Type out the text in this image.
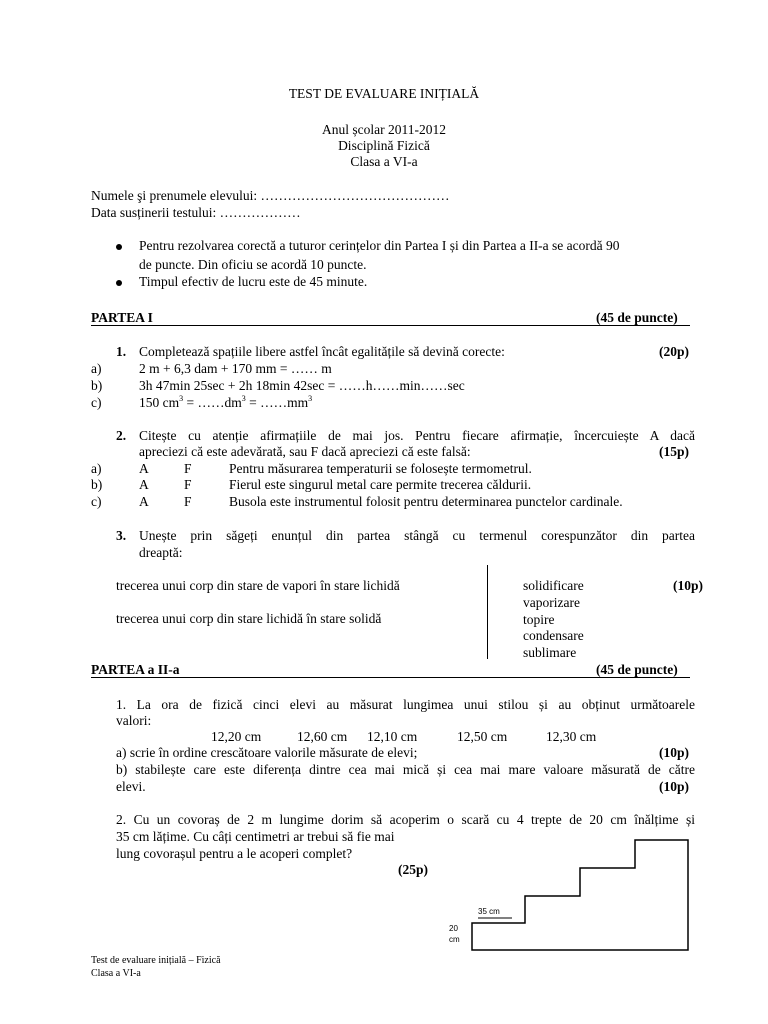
TEST DE EVALUARE INIȚIALĂ
Anul școlar 2011-2012
Disciplină Fizică
Clasa a VI-a
Numele şi prenumele elevului: ……………………………………
Data susținerii testului: ………………
Pentru rezolvarea corectă a tuturor cerințelor din Partea I și din Partea a II-a se acordă 90
de puncte. Din oficiu se acordă 10 puncte.
Timpul efectiv de lucru este de 45 minute.
PARTEA I	(45 de puncte)
1. Completează spațiile libere astfel încât egalitățile să devină corecte:	(20p)
a)	2 m + 6,3 dam + 170 mm = …… m
b)	3h 47min 25sec + 2h 18min 42sec = ……h……min……sec
c)	150 $cm^3$ = $\dots\dots dm^3$ = $\dots\dots mm^3$
2. Citește cu atenție afirmațiile de mai jos. Pentru fiecare afirmație, încercuiește A dacă
apreciezi că este adevărată, sau F dacă apreciezi că este falsă:	(15p)
a)	A	F	Pentru măsurarea temperaturii se folosește termometrul.
b)	A	F	Fierul este singurul metal care permite trecerea căldurii.
c)	A	F	Busola este instrumentul folosit pentru determinarea punctelor cardinale.
3. Unește prin săgeți enunțul din partea stângă cu termenul corespunzător din partea
dreaptă:
trecerea unui corp din stare de vapori în stare lichidă
trecerea unui corp din stare lichidă în stare solidă
solidificare
vaporizare
topire
condensare
sublimare
(10p)
PARTEA a II-a	(45 de puncte)
1. La ora de fizică cinci elevi au măsurat lungimea unui stilou și au obținut următoarele
valori:
12,20 cm	12,60 cm 12,10 cm	12,50 cm	12,30 cm
a) scrie în ordine crescătoare valorile măsurate de elevi;	(10p)
b) stabilește care este diferența dintre cea mai mică și cea mai mare valoare măsurată de către
elevi.	(10p)
2. Cu un covoraș de 2 m lungime dorim să acoperim o scară cu 4 trepte de 20 cm înălțime și
35 cm lățime. Cu câți centimetri ar trebui să fie mai
lung covorașul pentru a le acoperi complet?
(25p)
35 cm
20
cm
Test de evaluare inițială – Fizică
Clasa a VI-a
